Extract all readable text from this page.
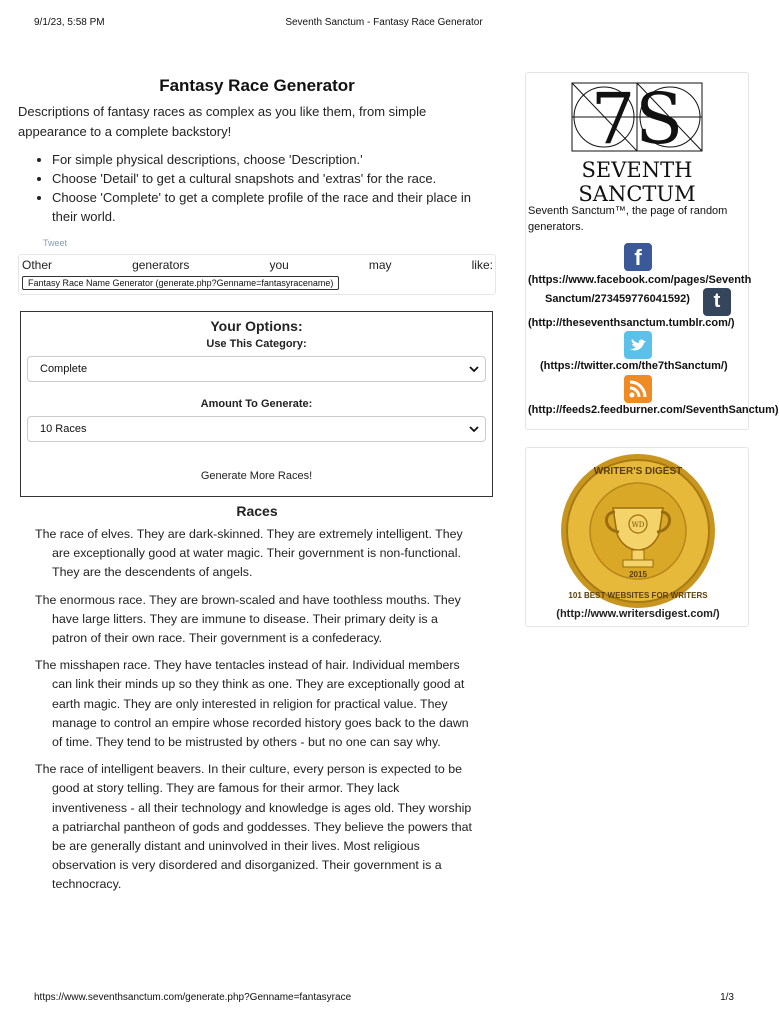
9/1/23, 5:58 PM	Seventh Sanctum - Fantasy Race Generator
Fantasy Race Generator

Descriptions of fantasy races as complex as you like them, from simple appearance to a complete backstory!

• For simple physical descriptions, choose 'Description.'
• Choose 'Detail' to get a cultural snapshots and 'extras' for the race.
• Choose 'Complete' to get a complete profile of the race and their place in their world.
Tweet
Other	generators	you	may	like:
Fantasy Race Name Generator (generate.php?Genname=fantasyracename)
Your Options:
Use This Category:
Complete
Amount To Generate:
10 Races
Generate More Races!
Races

The race of elves. They are dark-skinned. They are extremely intelligent. They are exceptionally good at water magic. Their government is non-functional. They are the descendents of angels.

The enormous race. They are brown-scaled and have toothless mouths. They have large litters. They are immune to disease. Their primary deity is a patron of their own race. Their government is a confederacy.

The misshapen race. They have tentacles instead of hair. Individual members can link their minds up so they think as one. They are exceptionally good at earth magic. They are only interested in religion for practical value. They manage to control an empire whose recorded history goes back to the dawn of time. They tend to be mistrusted by others - but no one can say why.

The race of intelligent beavers. In their culture, every person is expected to be good at story telling. They are famous for their armor. They lack inventiveness - all their technology and knowledge is ages old. They worship a patriarchal pantheon of gods and goddesses. They believe the powers that be are generally distant and uninvolved in their lives. Most religious observation is very disordered and disorganized. Their government is a technocracy.

7S
SEVENTH
SANCTUM
Seventh Sanctum™, the page of random generators.
f
(https://www.facebook.com/pages/Seventh
Sanctum/273459776041592)	t
(http://theseventhsanctum.tumblr.com/)
(https://twitter.com/the7thSanctum/)
(http://feeds2.feedburner.com/SeventhSanctum)
WD
WRITER'S DIGEST
101 BEST WEBSITES FOR WRITERS
2015
(http://www.writersdigest.com/)
https://www.seventhsanctum.com/generate.php?Genname=fantasyrace	1/3
